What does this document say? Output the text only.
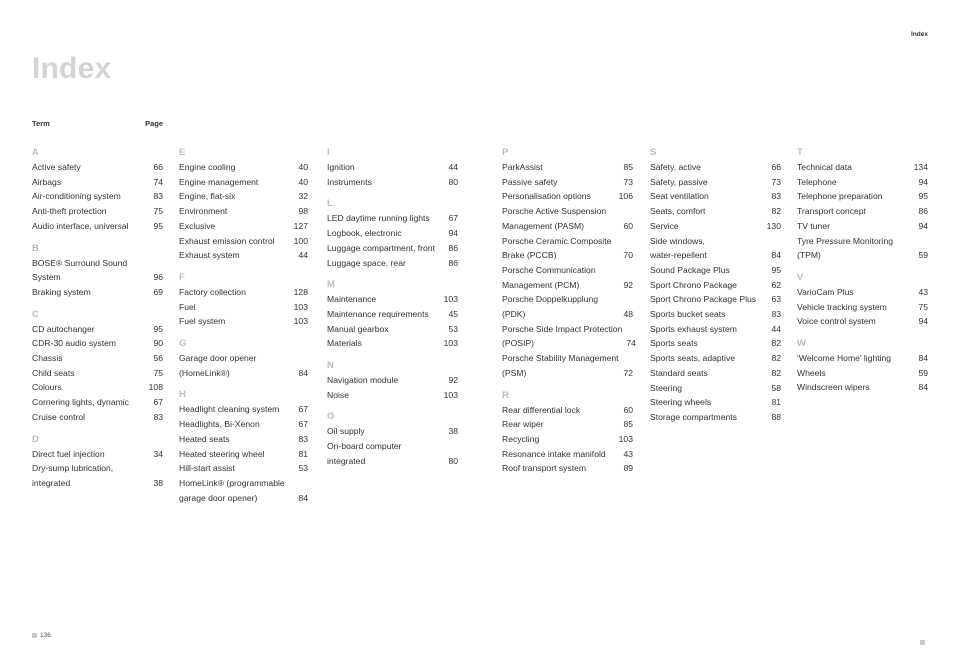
Index
Index
Term	Page
A
Active safety	66
Airbags	74
Air-conditioning system	83
Anti-theft protection	75
Audio interface, universal	95
B
BOSE® Surround Sound
System	96
Braking system	69
C
CD autochanger	95
CDR-30 audio system	90
Chassis	56
Child seats	75
Colours	108
Cornering lights, dynamic	67
Cruise control	83
D
Direct fuel injection	34
Dry-sump lubrication,
integrated	38
E
Engine cooling	40
Engine management	40
Engine, flat-six	32
Environment	98
Exclusive	127
Exhaust emission control	100
Exhaust system	44
F
Factory collection	128
Fuel	103
Fuel system	103
G
Garage door opener
(HomeLink®)	84
H
Headlight cleaning system	67
Headlights, Bi-Xenon	67
Heated seats	83
Heated steering wheel	81
Hill-start assist	53
HomeLink® (programmable
garage door opener)	84
I
Ignition	44
Instruments	80
L
LED daytime running lights	67
Logbook, electronic	94
Luggage compartment, front	86
Luggage space, rear	86
M
Maintenance	103
Maintenance requirements	45
Manual gearbox	53
Materials	103
N
Navigation module	92
Noise	103
O
Oil supply	38
On-board computer
integrated	80
P
ParkAssist	85
Passive safety	73
Personalisation options	106
Porsche Active Suspension
Management (PASM)	60
Porsche Ceramic Composite
Brake (PCCB)	70
Porsche Communication
Management (PCM)	92
Porsche Doppelkupplung
(PDK)	48
Porsche Side Impact Protection
(POSIP)	74
Porsche Stability Management
(PSM)	72
R
Rear differential lock	60
Rear wiper	85
Recycling	103
Resonance intake manifold	43
Roof transport system	89
S
Safety, active	66
Safety, passive	73
Seat ventilation	83
Seats, comfort	82
Service	130
Side windows,
water-repellent	84
Sound Package Plus	95
Sport Chrono Package	62
Sport Chrono Package Plus	63
Sports bucket seats	83
Sports exhaust system	44
Sports seats	82
Sports seats, adaptive	82
Standard seats	82
Steering	58
Steering wheels	81
Storage compartments	88
T
Technical data	134
Telephone	94
Telephone preparation	95
Transport concept	86
TV tuner	94
Tyre Pressure Monitoring
(TPM)	59
V
VarioCam Plus	43
Vehicle tracking system	75
Voice control system	94
W
‘Welcome Home’ lighting	84
Wheels	59
Windscreen wipers	84
136
